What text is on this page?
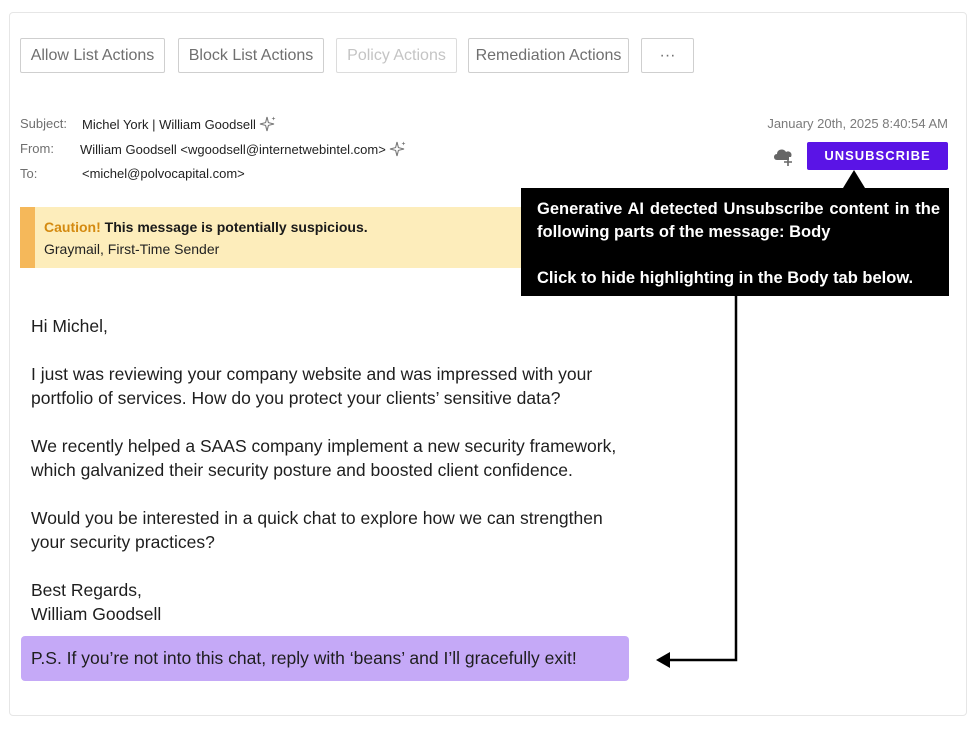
Allow List Actions	Block List Actions	Policy Actions	Remediation Actions	···
Subject: Michel York | William Goodsell
From: William Goodsell <wgoodsell@internetwebintel.com>
To:	<michel@polvocapital.com>
January 20th, 2025 8:40:54 AM
UNSUBSCRIBE
Caution! This message is potentially suspicious.
Graymail, First-Time Sender
Generative AI detected Unsubscribe content in the following parts of the message: Body
Click to hide highlighting in the Body tab below.
Hi Michel,
I just was reviewing your company website and was impressed with your
portfolio of services. How do you protect your clients’ sensitive data?
We recently helped a SAAS company implement a new security framework,
which galvanized their security posture and boosted client confidence.
Would you be interested in a quick chat to explore how we can strengthen
your security practices?
Best Regards,
William Goodsell
P.S. If you’re not into this chat, reply with ‘beans’ and I’ll gracefully exit!
